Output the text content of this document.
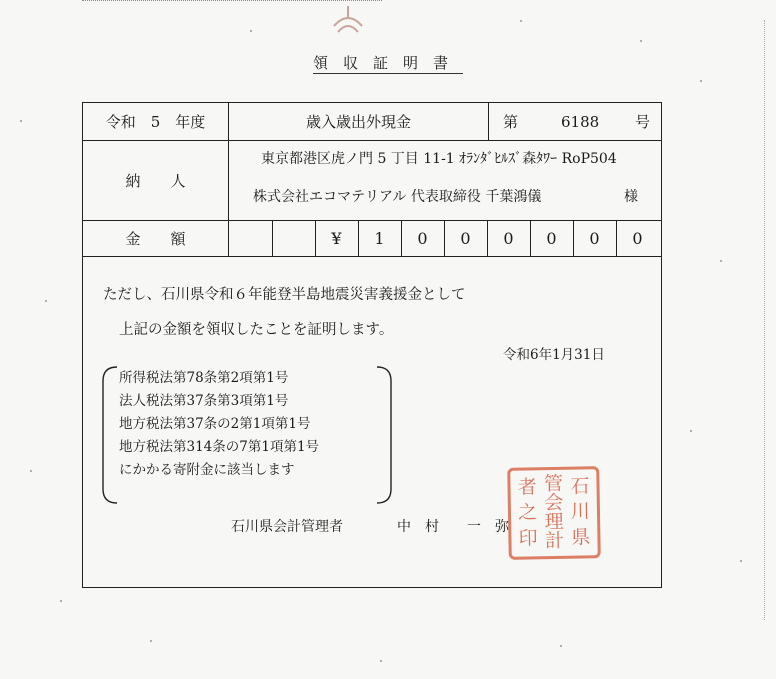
領収証明書
令和　5　年度	歳入歳出外現金	第	6188 号
納　　人
東京都港区虎ノ門 5 丁目 11-1 ｵﾗﾝﾀﾞﾋﾙｽﾞ森ﾀﾜｰ RoP504
株式会社エコマテリアル 代表取締役 千葉鴻儀	様
金　　額	¥	1	0	0	0	0	0	0
ただし、石川県令和６年能登半島地震災害義援金として
上記の金額を領収したことを証明します。
令和6年1月31日
所得税法第78条第2項第1号
法人税法第37条第3項第1号
地方税法第37条の2第1項第1号
地方税法第314条の7第1項第1号
にかかる寄附金に該当します
石川県会計管理者	中　村　　一　弥
者
之
印
管
会
理
計
石
川
県
